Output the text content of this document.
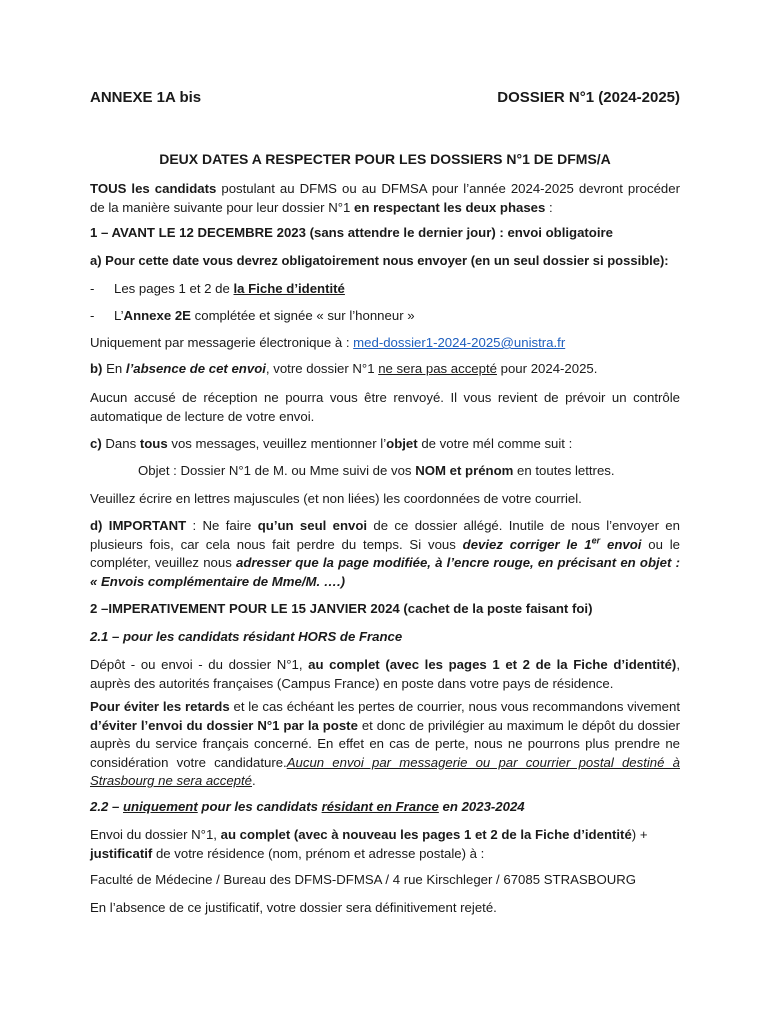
ANNEXE 1A bis	DOSSIER N°1 (2024-2025)
DEUX DATES A RESPECTER POUR LES DOSSIERS N°1 DE DFMS/A

TOUS les candidats postulant au DFMS ou au DFMSA pour l’année 2024-2025 devront procéder de la manière suivante pour leur dossier N°1 en respectant les deux phases :

1 – AVANT LE 12 DECEMBRE 2023 (sans attendre le dernier jour) : envoi obligatoire

a) Pour cette date vous devrez obligatoirement nous envoyer (en un seul dossier si possible):

- Les pages 1 et 2 de la Fiche d’identité

- L’Annexe 2E complétée et signée « sur l’honneur »

Uniquement par messagerie électronique à : med-dossier1-2024-2025@unistra.fr

b) En l’absence de cet envoi, votre dossier N°1 ne sera pas accepté pour 2024-2025.

Aucun accusé de réception ne pourra vous être renvoyé. Il vous revient de prévoir un contrôle automatique de lecture de votre envoi.

c) Dans tous vos messages, veuillez mentionner l’objet de votre mél comme suit :

Objet : Dossier N°1 de M. ou Mme suivi de vos NOM et prénom en toutes lettres.

Veuillez écrire en lettres majuscules (et non liées) les coordonnées de votre courriel.

d) IMPORTANT : Ne faire qu’un seul envoi de ce dossier allégé. Inutile de nous l’envoyer en plusieurs fois, car cela nous fait perdre du temps. Si vous deviez corriger le 1er envoi ou le compléter, veuillez nous adresser que la page modifiée, à l’encre rouge, en précisant en objet : « Envois complémentaire de Mme/M. ….)

2 –IMPERATIVEMENT POUR LE 15 JANVIER 2024 (cachet de la poste faisant foi)

2.1 – pour les candidats résidant HORS de France

Dépôt - ou envoi - du dossier N°1, au complet (avec les pages 1 et 2 de la Fiche d’identité), auprès des autorités françaises (Campus France) en poste dans votre pays de résidence.

Pour éviter les retards et le cas échéant les pertes de courrier, nous vous recommandons vivement d’éviter l’envoi du dossier N°1 par la poste et donc de privilégier au maximum le dépôt du dossier auprès du service français concerné. En effet en cas de perte, nous ne pourrons plus prendre ne considération votre candidature.Aucun envoi par messagerie ou par courrier postal destiné à Strasbourg ne sera accepté.

2.2 – uniquement pour les candidats résidant en France en 2023-2024

Envoi du dossier N°1, au complet (avec à nouveau les pages 1 et 2 de la Fiche d’identité) + justificatif de votre résidence (nom, prénom et adresse postale) à :

Faculté de Médecine / Bureau des DFMS-DFMSA / 4 rue Kirschleger / 67085 STRASBOURG

En l’absence de ce justificatif, votre dossier sera définitivement rejeté.
